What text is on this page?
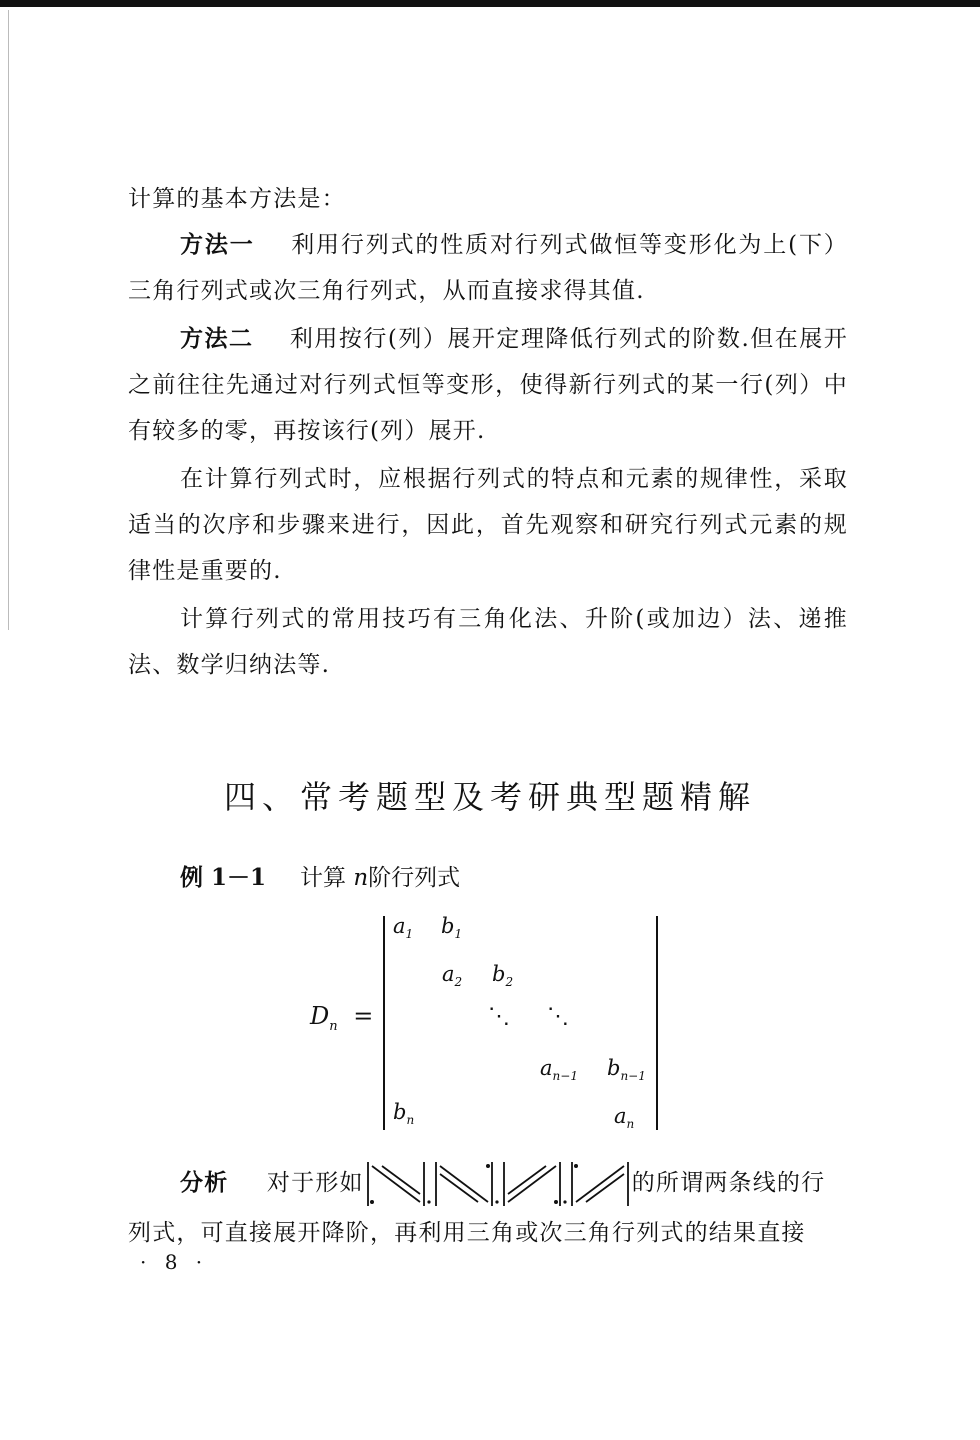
计算的基本方法是：

方法一 利用行列式的性质对行列式做恒等变形化为上(下）三角行列式或次三角行列式，从而直接求得其值.

方法二 利用按行(列）展开定理降低行列式的阶数.但在展开之前往往先通过对行列式恒等变形，使得新行列式的某一行(列）中有较多的零，再按该行(列）展开.

在计算行列式时，应根据行列式的特点和元素的规律性，采取适当的次序和步骤来进行，因此，首先观察和研究行列式元素的规律性是重要的.

计算行列式的常用技巧有三角化法、升阶(或加边）法、递推法、数学归纳法等.

四、常考题型及考研典型题精解
例 1－1 计算 n阶行列式
$D_n$ =
$a_1$ $b_1$
$a_2$ $b_2$
⋱ ⋱
$a_{n-1}$ $b_{n-1}$
$b_n$	$a_n$
分析 对于形如	的所谓两条线的行列式，可直接展开降阶，再利用三角或次三角行列式的结果直接
· 8 ·
